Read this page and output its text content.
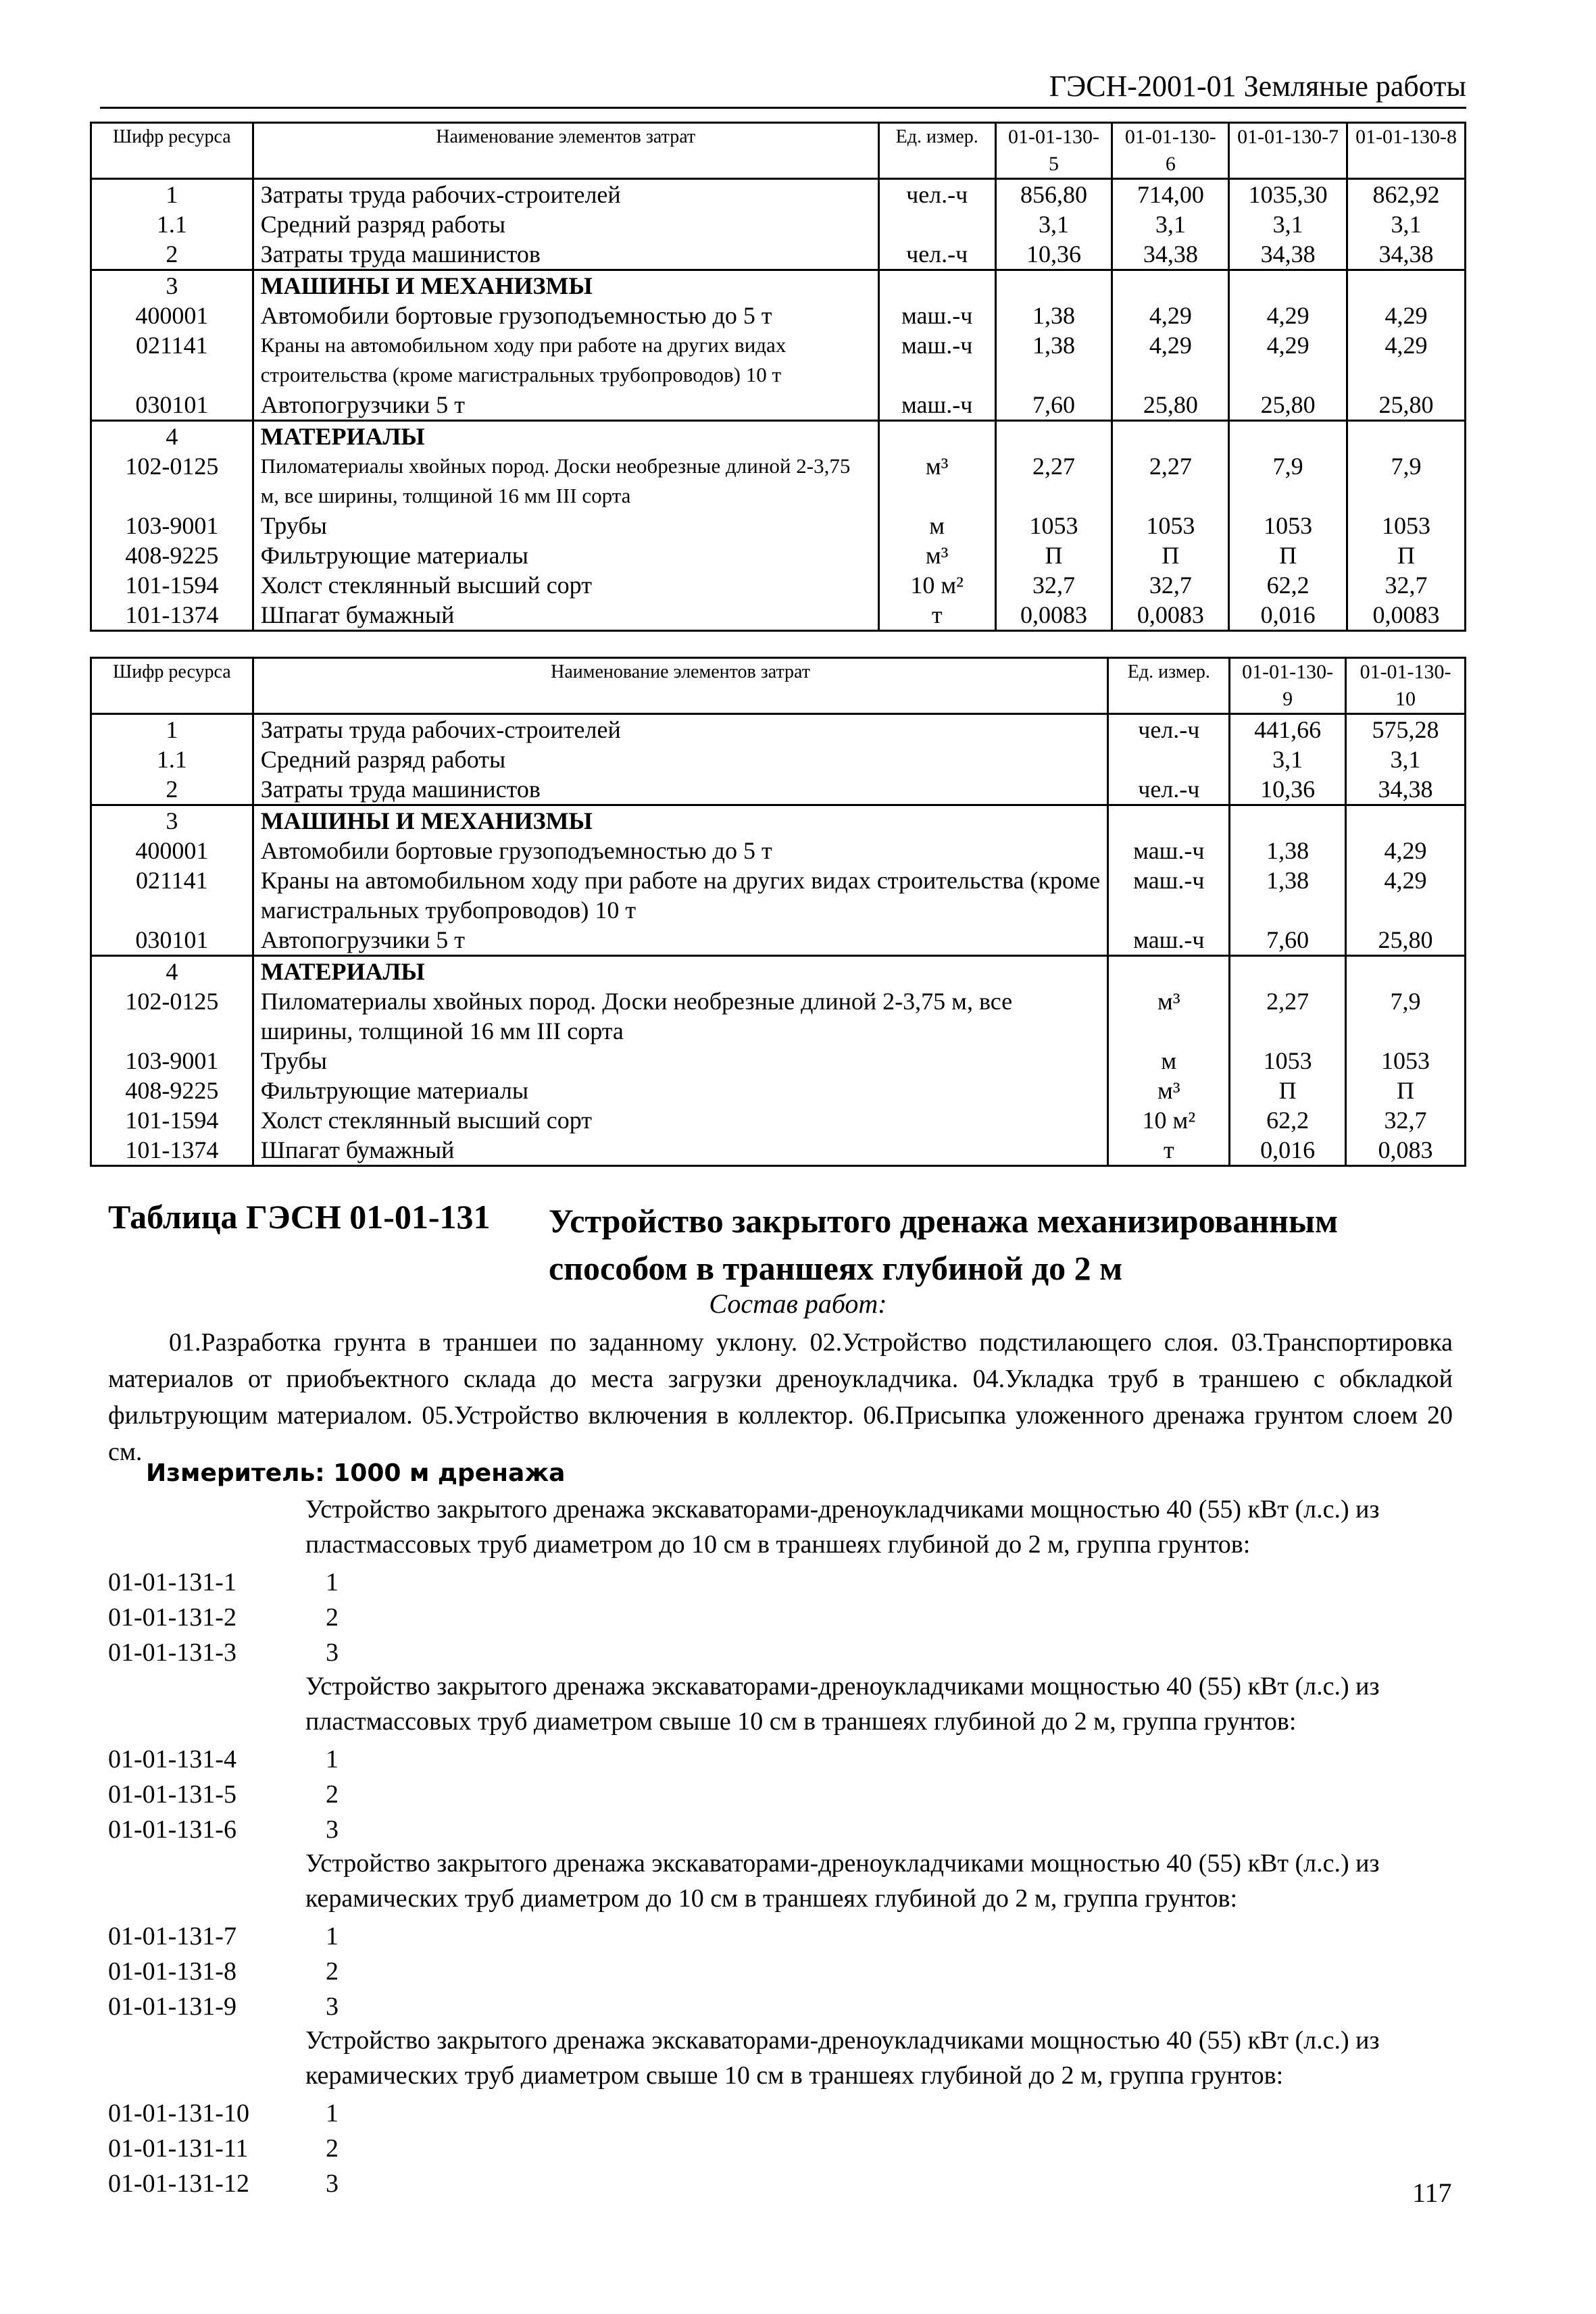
ГЭСН-2001-01 Земляные работы
Шифр ресурса	Наименование элементов затрат	Ед. измер.	01-01-130-5	01-01-130-6	01-01-130-7	01-01-130-8
1	Затраты труда рабочих-строителей	чел.-ч	856,80	714,00	1035,30	862,92
1.1	Средний разряд работы		3,1	3,1	3,1	3,1
2	Затраты труда машинистов	чел.-ч	10,36	34,38	34,38	34,38
3	МАШИНЫ И МЕХАНИЗМЫ					
400001	Автомобили бортовые грузоподъемностью до 5 т	маш.-ч	1,38	4,29	4,29	4,29
021141	Краны на автомобильном ходу при работе на других видах строительства (кроме магистральных трубопроводов) 10 т	маш.-ч	1,38	4,29	4,29	4,29
030101	Автопогрузчики 5 т	маш.-ч	7,60	25,80	25,80	25,80
4	МАТЕРИАЛЫ					
102-0125	Пиломатериалы хвойных пород. Доски необрезные длиной 2-3,75 м, все ширины, толщиной 16 мм III сорта	м³	2,27	2,27	7,9	7,9
103-9001	Трубы	м	1053	1053	1053	1053
408-9225	Фильтрующие материалы	м³	П	П	П	П
101-1594	Холст стеклянный высший сорт	10 м²	32,7	32,7	62,2	32,7
101-1374	Шпагат бумажный	т	0,0083	0,0083	0,016	0,0083
Шифр ресурса	Наименование элементов затрат	Ед. измер.	01-01-130-9	01-01-130-10
1	Затраты труда рабочих-строителей	чел.-ч	441,66	575,28
1.1	Средний разряд работы		3,1	3,1
2	Затраты труда машинистов	чел.-ч	10,36	34,38
3	МАШИНЫ И МЕХАНИЗМЫ			
400001	Автомобили бортовые грузоподъемностью до 5 т	маш.-ч	1,38	4,29
021141	Краны на автомобильном ходу при работе на других видах строительства (кроме магистральных трубопроводов) 10 т	маш.-ч	1,38	4,29
030101	Автопогрузчики 5 т	маш.-ч	7,60	25,80
4	МАТЕРИАЛЫ			
102-0125	Пиломатериалы хвойных пород. Доски необрезные длиной 2-3,75 м, все ширины, толщиной 16 мм III сорта	м³	2,27	7,9
103-9001	Трубы	м	1053	1053
408-9225	Фильтрующие материалы	м³	П	П
101-1594	Холст стеклянный высший сорт	10 м²	62,2	32,7
101-1374	Шпагат бумажный	т	0,016	0,083
Таблица ГЭСН 01-01-131 Устройство закрытого дренажа механизированным способом в траншеях глубиной до 2 м
Состав работ:
01.Разработка грунта в траншеи по заданному уклону. 02.Устройство подстилающего слоя. 03.Транспортировка материалов от приобъектного склада до места загрузки дреноукладчика. 04.Укладка труб в траншею с обкладкой фильтрующим материалом. 05.Устройство включения в коллектор. 06.Присыпка уложенного дренажа грунтом слоем 20 см.
Измеритель: 1000 м дренажа
Устройство закрытого дренажа экскаваторами-дреноукладчиками мощностью 40 (55) кВт (л.с.) из пластмассовых труб диаметром до 10 см в траншеях глубиной до 2 м, группа грунтов:
01-01-131-1	1
01-01-131-2	2
01-01-131-3	3
Устройство закрытого дренажа экскаваторами-дреноукладчиками мощностью 40 (55) кВт (л.с.) из пластмассовых труб диаметром свыше 10 см в траншеях глубиной до 2 м, группа грунтов:
01-01-131-4	1
01-01-131-5	2
01-01-131-6	3
Устройство закрытого дренажа экскаваторами-дреноукладчиками мощностью 40 (55) кВт (л.с.) из керамических труб диаметром до 10 см в траншеях глубиной до 2 м, группа грунтов:
01-01-131-7	1
01-01-131-8	2
01-01-131-9	3
Устройство закрытого дренажа экскаваторами-дреноукладчиками мощностью 40 (55) кВт (л.с.) из керамических труб диаметром свыше 10 см в траншеях глубиной до 2 м, группа грунтов:
01-01-131-10	1
01-01-131-11	2
01-01-131-12	3	117
